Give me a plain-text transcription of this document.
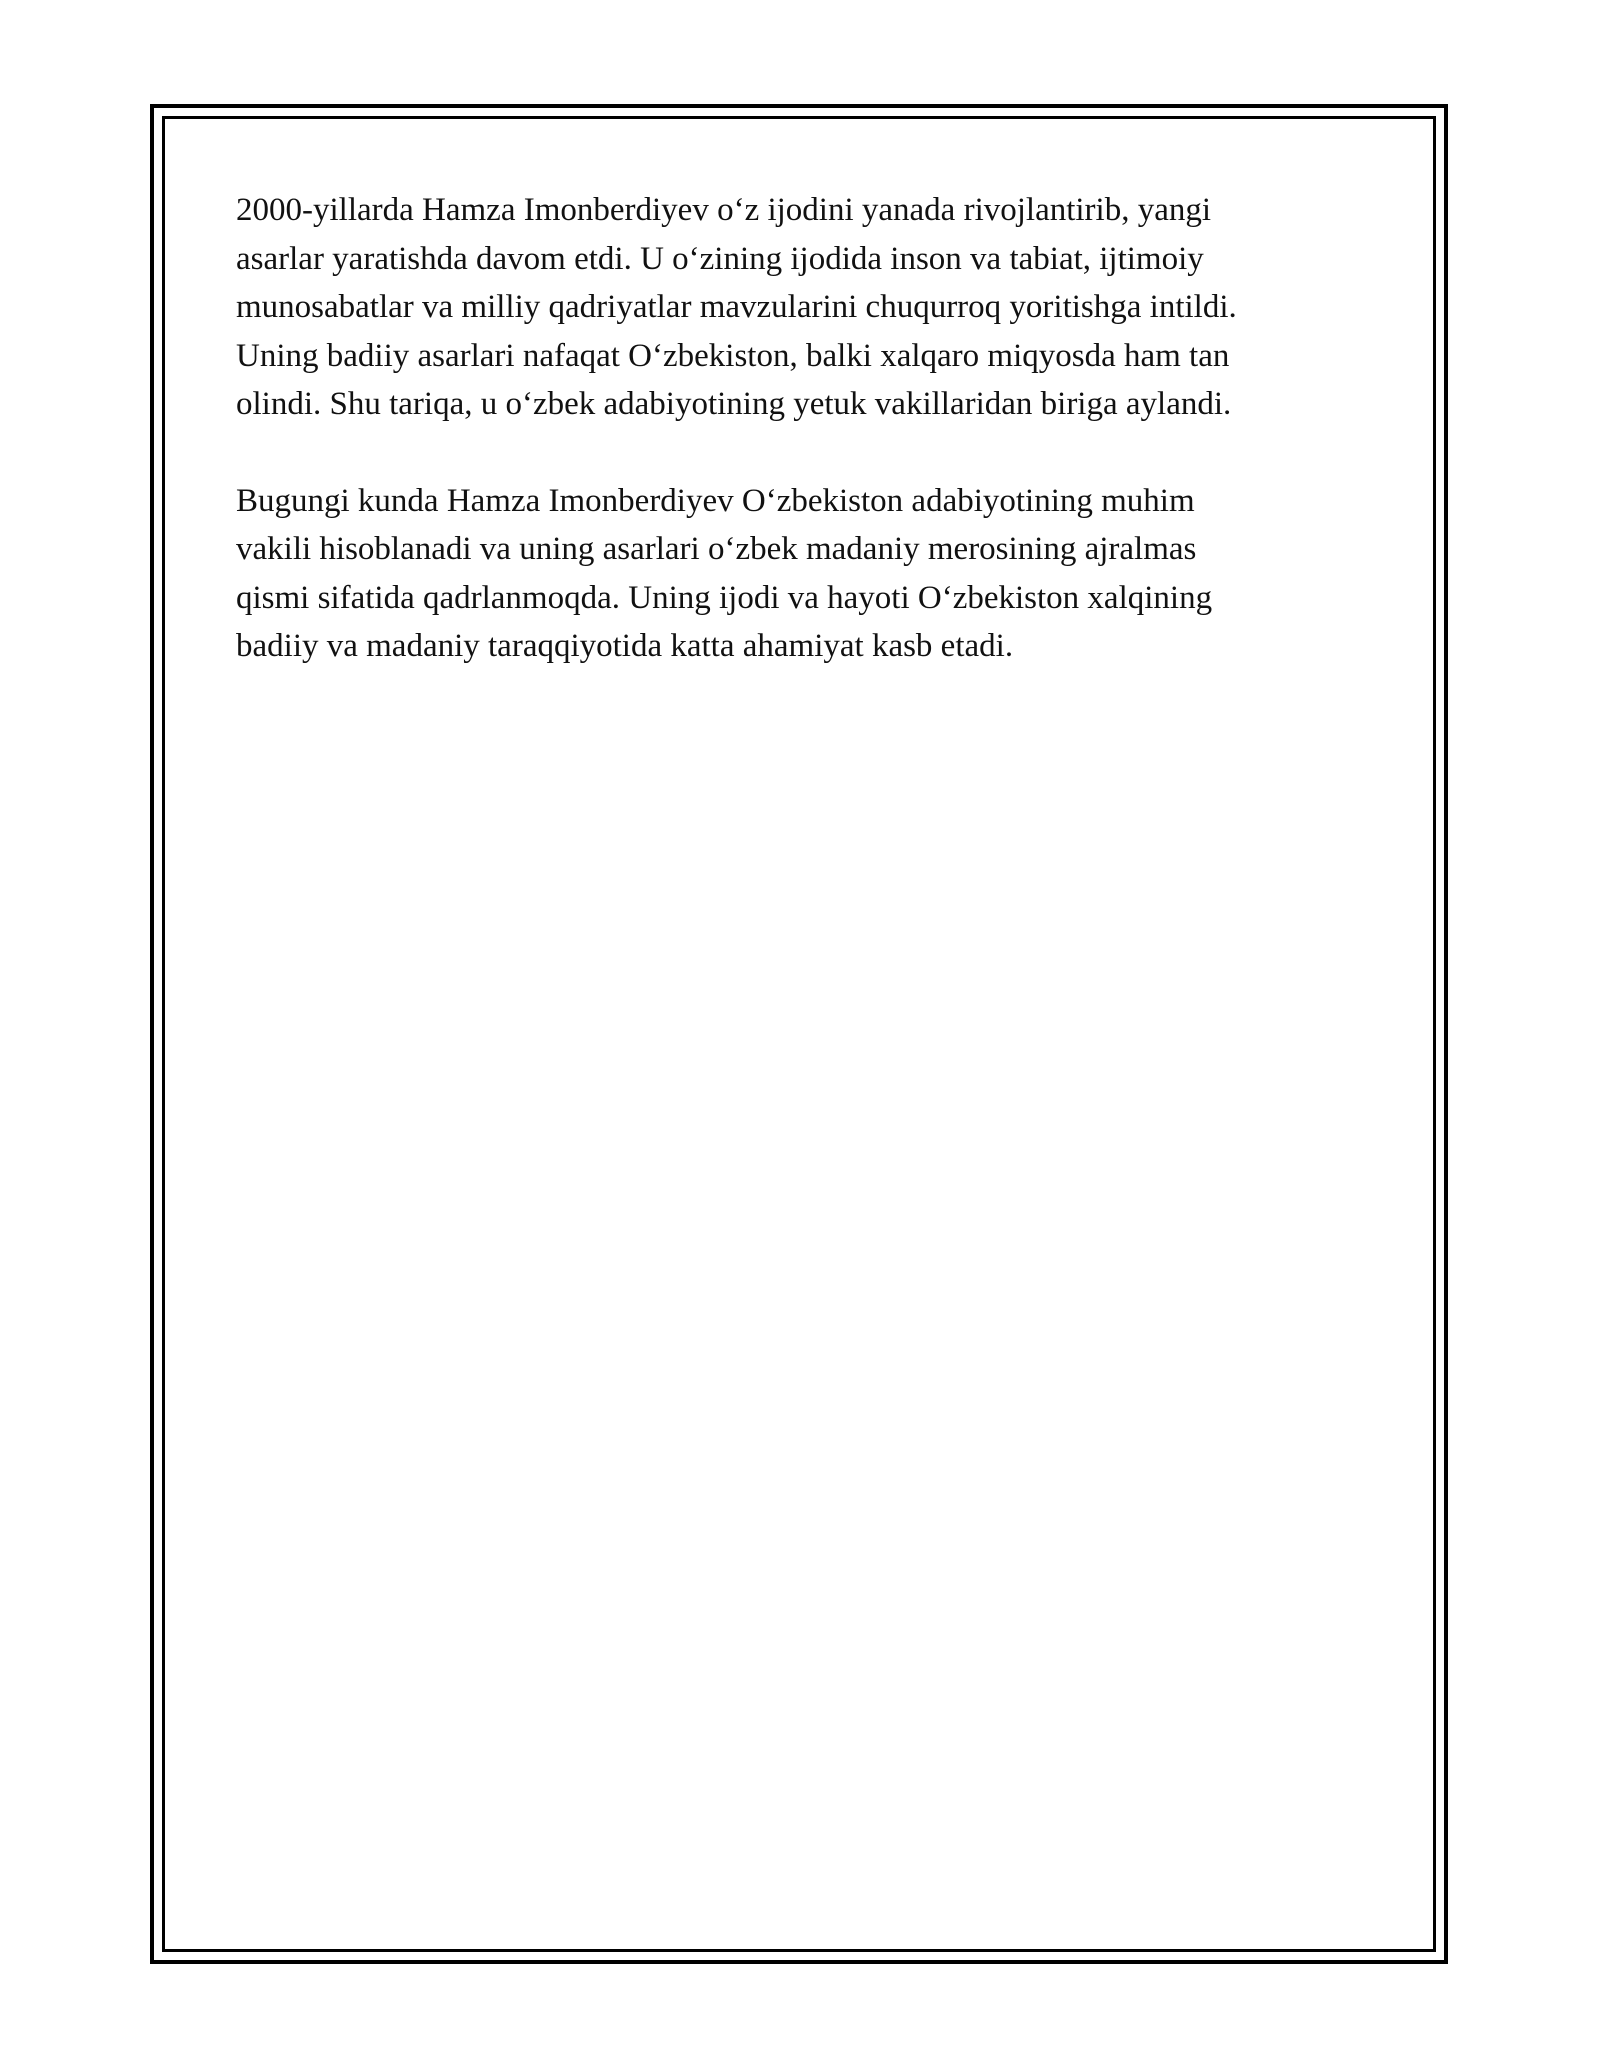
2000-yillarda Hamza Imonberdiyev o‘z ijodini yanada rivojlantirib, yangi
asarlar yaratishda davom etdi. U o‘zining ijodida inson va tabiat, ijtimoiy
munosabatlar va milliy qadriyatlar mavzularini chuqurroq yoritishga intildi.
Uning badiiy asarlari nafaqat O‘zbekiston, balki xalqaro miqyosda ham tan
olindi. Shu tariqa, u o‘zbek adabiyotining yetuk vakillaridan biriga aylandi.

Bugungi kunda Hamza Imonberdiyev O‘zbekiston adabiyotining muhim
vakili hisoblanadi va uning asarlari o‘zbek madaniy merosining ajralmas
qismi sifatida qadrlanmoqda. Uning ijodi va hayoti O‘zbekiston xalqining
badiiy va madaniy taraqqiyotida katta ahamiyat kasb etadi.
